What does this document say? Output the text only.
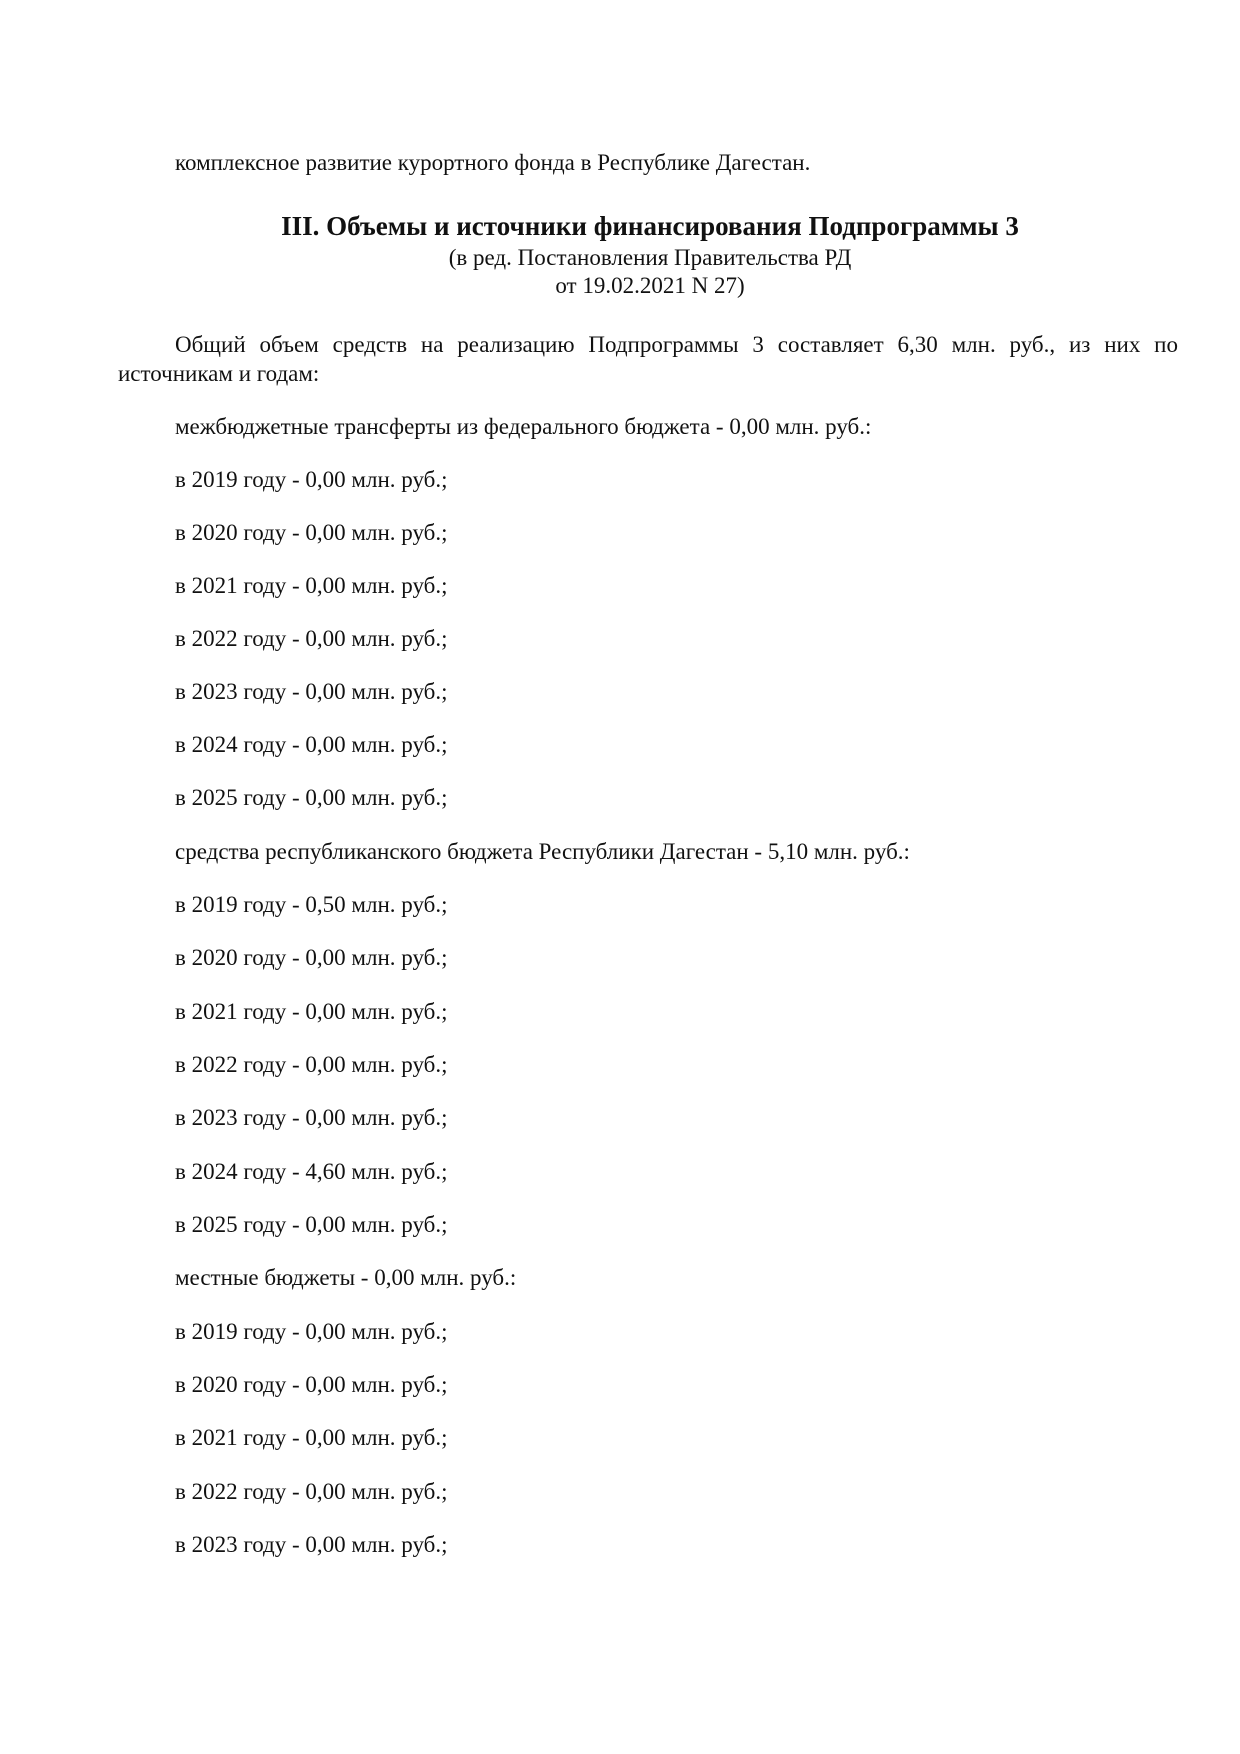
комплексное развитие курортного фонда в Республике Дагестан.
III. Объемы и источники финансирования Подпрограммы 3
(в ред. Постановления Правительства РД
от 19.02.2021 N 27)
Общий объем средств на реализацию Подпрограммы 3 составляет 6,30 млн. руб., из них по источникам и годам:
межбюджетные трансферты из федерального бюджета - 0,00 млн. руб.:
в 2019 году - 0,00 млн. руб.;
в 2020 году - 0,00 млн. руб.;
в 2021 году - 0,00 млн. руб.;
в 2022 году - 0,00 млн. руб.;
в 2023 году - 0,00 млн. руб.;
в 2024 году - 0,00 млн. руб.;
в 2025 году - 0,00 млн. руб.;
средства республиканского бюджета Республики Дагестан - 5,10 млн. руб.:
в 2019 году - 0,50 млн. руб.;
в 2020 году - 0,00 млн. руб.;
в 2021 году - 0,00 млн. руб.;
в 2022 году - 0,00 млн. руб.;
в 2023 году - 0,00 млн. руб.;
в 2024 году - 4,60 млн. руб.;
в 2025 году - 0,00 млн. руб.;
местные бюджеты - 0,00 млн. руб.:
в 2019 году - 0,00 млн. руб.;
в 2020 году - 0,00 млн. руб.;
в 2021 году - 0,00 млн. руб.;
в 2022 году - 0,00 млн. руб.;
в 2023 году - 0,00 млн. руб.;
